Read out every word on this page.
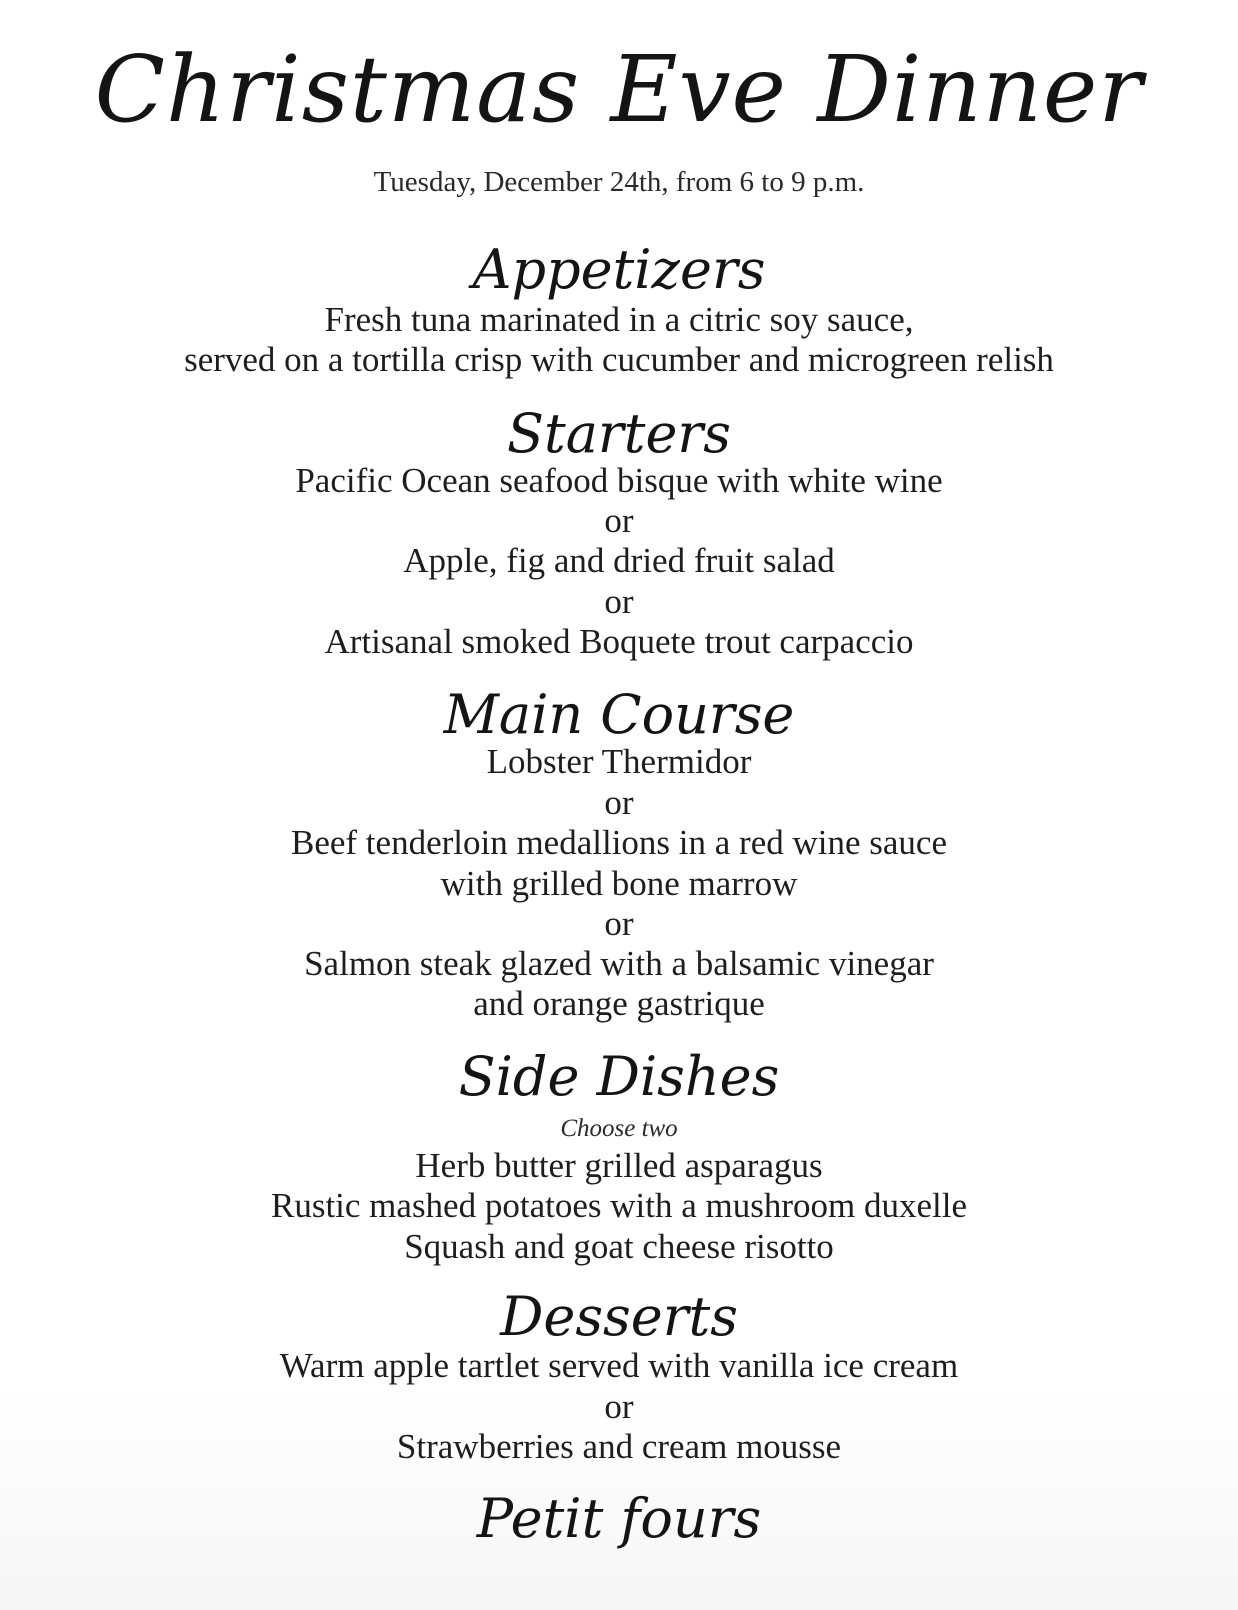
Christmas Eve Dinner
Tuesday, December 24th, from 6 to 9 p.m.
Appetizers
Fresh tuna marinated in a citric soy sauce,
served on a tortilla crisp with cucumber and microgreen relish
Starters
Pacific Ocean seafood bisque with white wine
or
Apple, fig and dried fruit salad
or
Artisanal smoked Boquete trout carpaccio
Main Course
Lobster Thermidor
or
Beef tenderloin medallions in a red wine sauce
with grilled bone marrow
or
Salmon steak glazed with a balsamic vinegar
and orange gastrique
Side Dishes
Choose two
Herb butter grilled asparagus
Rustic mashed potatoes with a mushroom duxelle
Squash and goat cheese risotto
Desserts
Warm apple tartlet served with vanilla ice cream
or
Strawberries and cream mousse
Petit fours
